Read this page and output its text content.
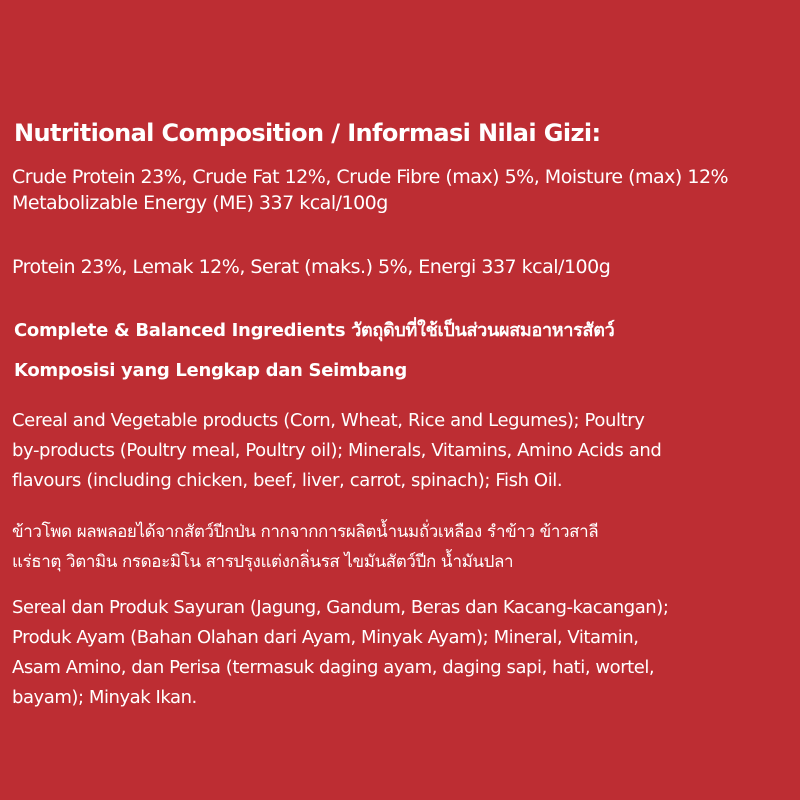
Nutritional Composition / Informasi Nilai Gizi:

Crude Protein 23%, Crude Fat 12%, Crude Fibre (max) 5%, Moisture (max) 12%
Metabolizable Energy (ME) 337 kcal/100g

Protein 23%, Lemak 12%, Serat (maks.) 5%, Energi 337 kcal/100g

Complete & Balanced Ingredients วัตถุดิบที่ใช้เป็นส่วนผสมอาหารสัตว์
Komposisi yang Lengkap dan Seimbang

Cereal and Vegetable products (Corn, Wheat, Rice and Legumes); Poultry
by-products (Poultry meal, Poultry oil); Minerals, Vitamins, Amino Acids and
flavours (including chicken, beef, liver, carrot, spinach); Fish Oil.

ข้าวโพด ผลพลอยได้จากสัตว์ปีกป่น กากจากการผลิตน้ำนมถั่วเหลือง รำข้าว ข้าวสาลี
แร่ธาตุ วิตามิน กรดอะมิโน สารปรุงแต่งกลิ่นรส ไขมันสัตว์ปีก น้ำมันปลา

Sereal dan Produk Sayuran (Jagung, Gandum, Beras dan Kacang-kacangan);
Produk Ayam (Bahan Olahan dari Ayam, Minyak Ayam); Mineral, Vitamin,
Asam Amino, dan Perisa (termasuk daging ayam, daging sapi, hati, wortel,
bayam); Minyak Ikan.
